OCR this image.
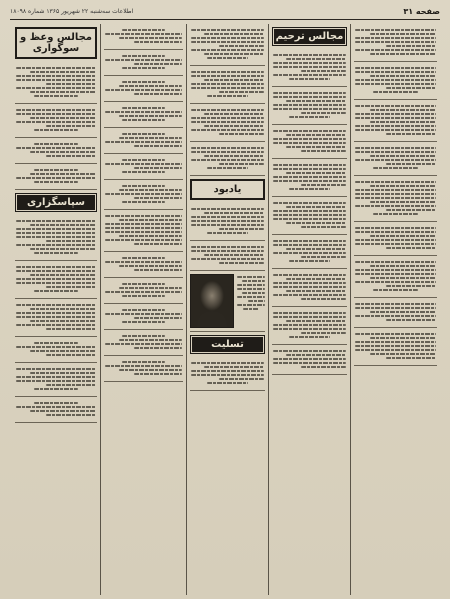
صفحه ۳۱
اطلاعات سه‌شنبه ۲۲ شهریور ۱۳۶۵ شماره ۱۸۰۹۸
مجالس ترحیم
یادبود
تسلیت
مجالس وعظ و سوگواری
سپاسگزاری
